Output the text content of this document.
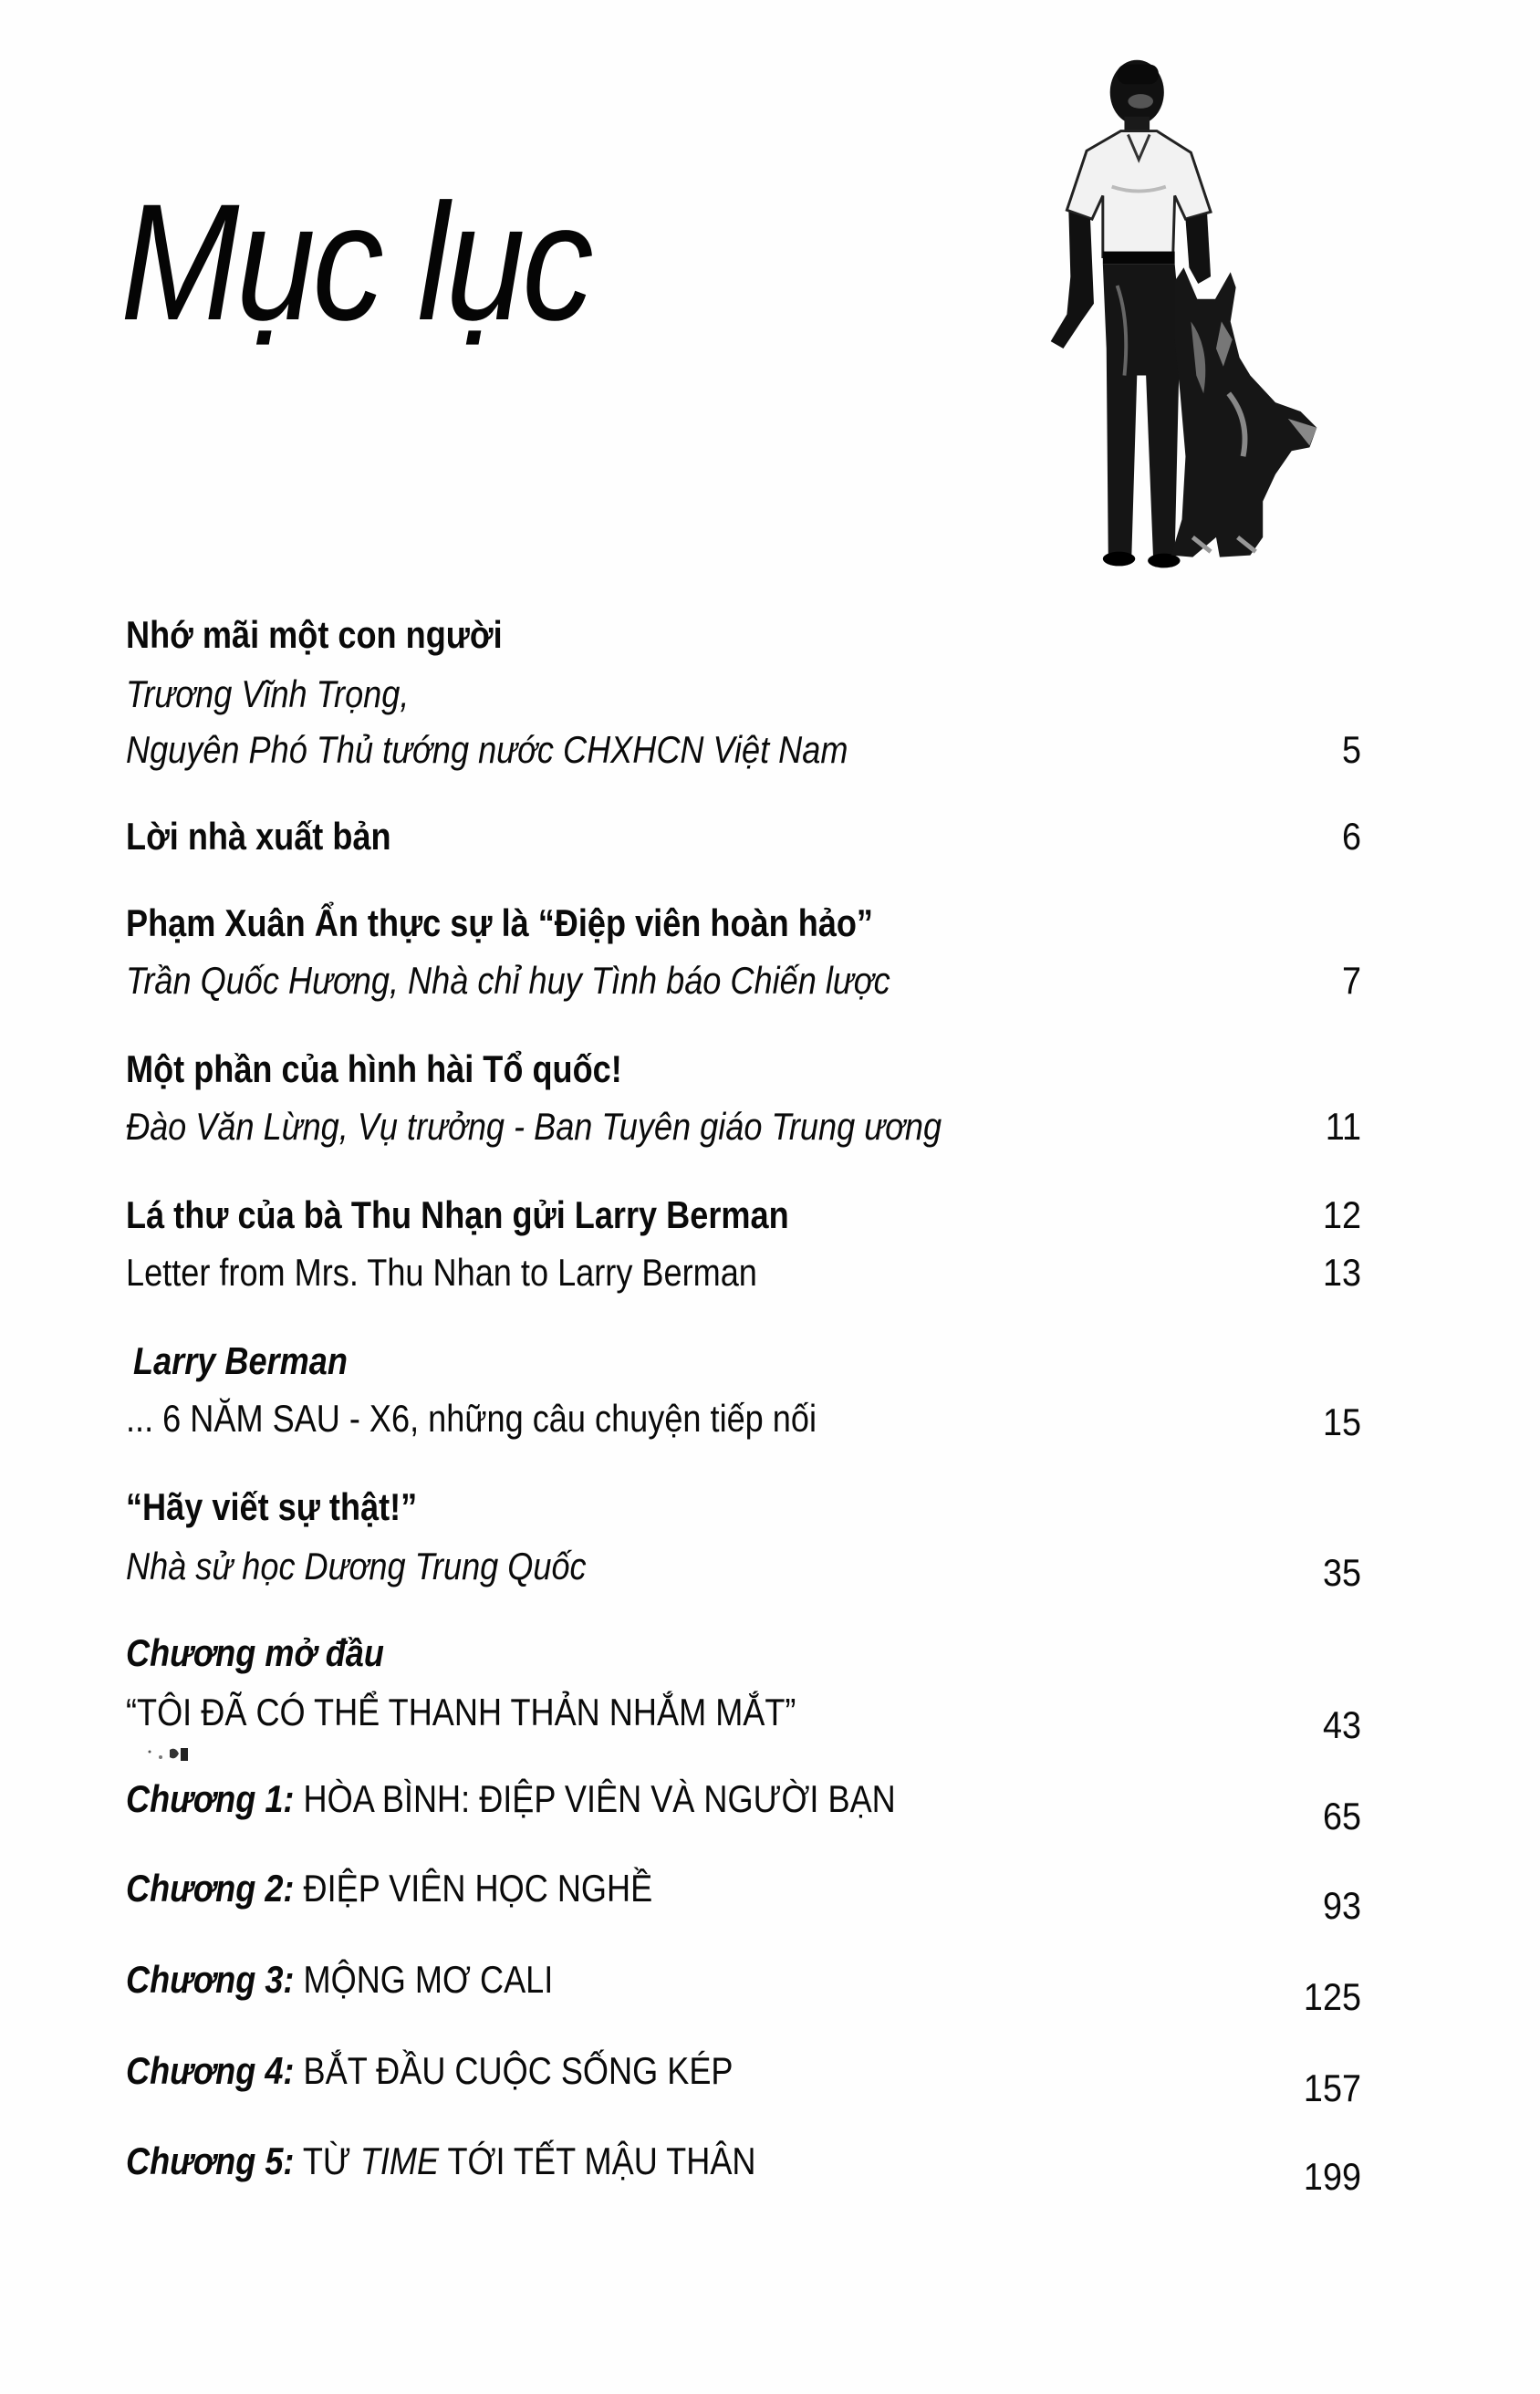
Mục lục
Nhớ mãi một con người
Trương Vĩnh Trọng,
Nguyên Phó Thủ tướng nước CHXHCN Việt Nam	5
Lời nhà xuất bản	6
Phạm Xuân Ẩn thực sự là “Điệp viên hoàn hảo”
Trần Quốc Hương, Nhà chỉ huy Tình báo Chiến lược	7
Một phần của hình hài Tổ quốc!
Đào Văn Lừng, Vụ trưởng - Ban Tuyên giáo Trung ương	11
Lá thư của bà Thu Nhạn gửi Larry Berman	12
Letter from Mrs. Thu Nhan to Larry Berman	13
Larry Berman
... 6 NĂM SAU - X6, những câu chuyện tiếp nối	15
“Hãy viết sự thật!”
Nhà sử học Dương Trung Quốc	35
Chương mở đầu
“TÔI ĐÃ CÓ THỂ THANH THẢN NHẮM MẮT”	43
Chương 1: HÒA BÌNH: ĐIỆP VIÊN VÀ NGƯỜI BẠN	65
Chương 2: ĐIỆP VIÊN HỌC NGHỀ	93
Chương 3: MỘNG MƠ CALI	125
Chương 4: BẮT ĐẦU CUỘC SỐNG KÉP	157
Chương 5: TỪ TIME TỚI TẾT MẬU THÂN	199
